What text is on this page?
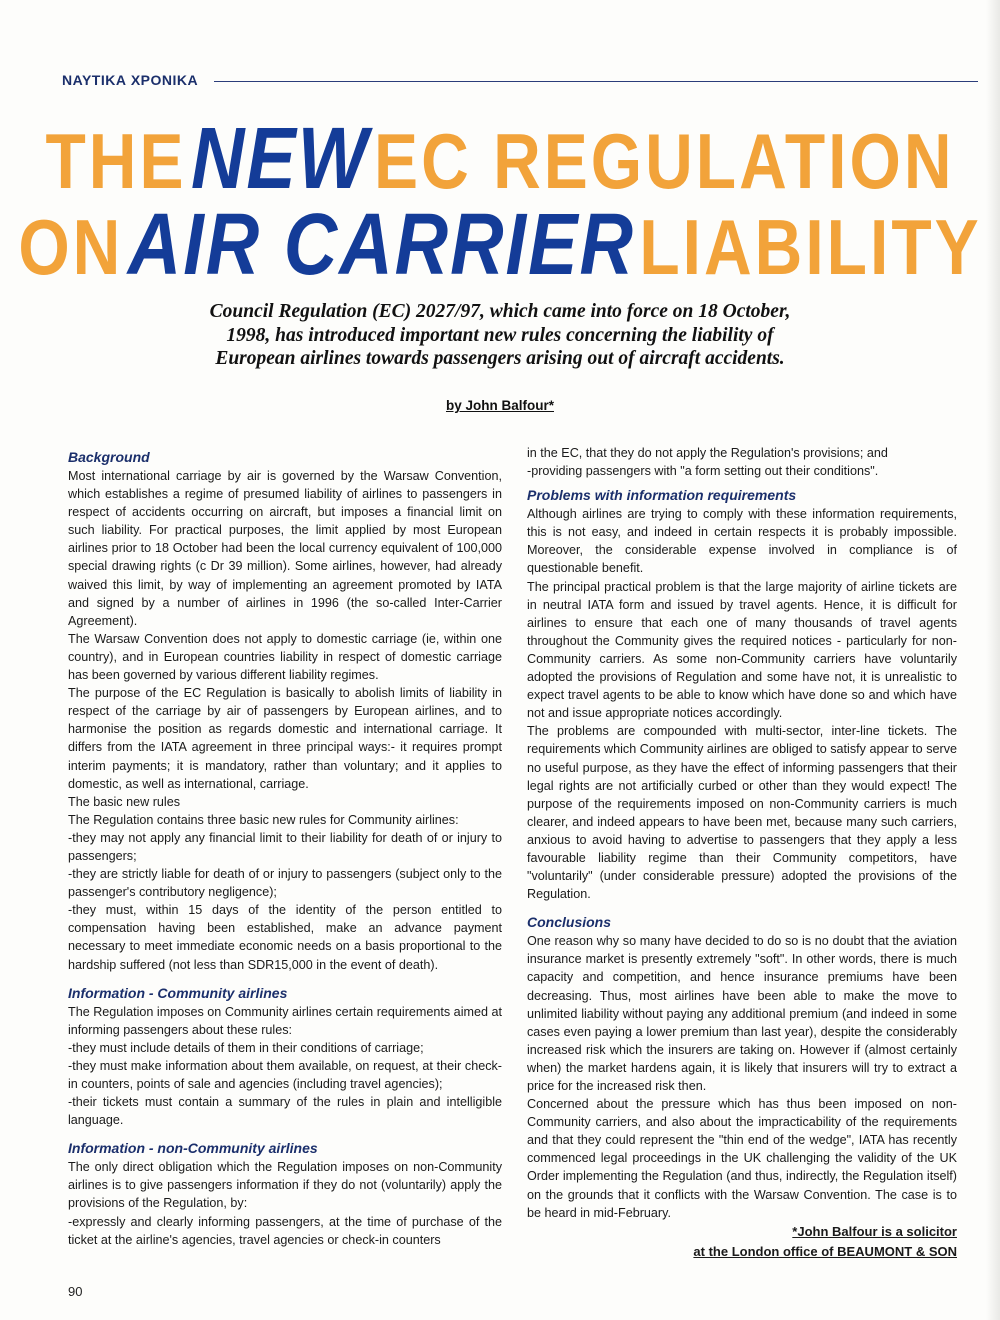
ΝΑΥΤΙΚΑ ΧΡΟΝΙΚΑ
THE NEW EC REGULATION
ON AIR CARRIER LIABILITY
Council Regulation (EC) 2027/97, which came into force on 18 October, 1998, has introduced important new rules concerning the liability of European airlines towards passengers arising out of aircraft accidents.
by John Balfour*
Background

Most international carriage by air is governed by the Warsaw Convention, which establishes a regime of presumed liability of airlines to passengers in respect of accidents occurring on aircraft, but imposes a financial limit on such liability. For practical purposes, the limit applied by most European airlines prior to 18 October had been the local currency equivalent of 100,000 special drawing rights (c Dr 39 million). Some airlines, however, had already waived this limit, by way of implementing an agreement promoted by IATA and signed by a number of airlines in 1996 (the so-called Inter-Carrier Agreement).

The Warsaw Convention does not apply to domestic carriage (ie, within one country), and in European countries liability in respect of domestic carriage has been governed by various different liability regimes.

The purpose of the EC Regulation is basically to abolish limits of liability in respect of the carriage by air of passengers by European airlines, and to harmonise the position as regards domestic and international carriage. It differs from the IATA agreement in three principal ways:- it requires prompt interim payments; it is mandatory, rather than voluntary; and it applies to domestic, as well as international, carriage.

The basic new rules

The Regulation contains three basic new rules for Community airlines:

-they may not apply any financial limit to their liability for death of or injury to passengers;

-they are strictly liable for death of or injury to passengers (subject only to the passenger's contributory negligence);

-they must, within 15 days of the identity of the person entitled to compensation having been established, make an advance payment necessary to meet immediate economic needs on a basis proportional to the hardship suffered (not less than SDR15,000 in the event of death).

Information - Community airlines

The Regulation imposes on Community airlines certain requirements aimed at informing passengers about these rules:

-they must include details of them in their conditions of carriage;

-they must make information about them available, on request, at their check-in counters, points of sale and agencies (including travel agencies);

-their tickets must contain a summary of the rules in plain and intelligible language.

Information - non-Community airlines

The only direct obligation which the Regulation imposes on non-Community airlines is to give passengers information if they do not (voluntarily) apply the provisions of the Regulation, by:

-expressly and clearly informing passengers, at the time of purchase of the ticket at the airline's agencies, travel agencies or check-in counters

in the EC, that they do not apply the Regulation's provisions; and

-providing passengers with "a form setting out their conditions".

Problems with information requirements

Although airlines are trying to comply with these information requirements, this is not easy, and indeed in certain respects it is probably impossible. Moreover, the considerable expense involved in compliance is of questionable benefit.

The principal practical problem is that the large majority of airline tickets are in neutral IATA form and issued by travel agents. Hence, it is difficult for airlines to ensure that each one of many thousands of travel agents throughout the Community gives the required notices - particularly for non-Community carriers. As some non-Community carriers have voluntarily adopted the provisions of Regulation and some have not, it is unrealistic to expect travel agents to be able to know which have done so and which have not and issue appropriate notices accordingly.

The problems are compounded with multi-sector, inter-line tickets. The requirements which Community airlines are obliged to satisfy appear to serve no useful purpose, as they have the effect of informing passengers that their legal rights are not artificially curbed or other than they would expect! The purpose of the requirements imposed on non-Community carriers is much clearer, and indeed appears to have been met, because many such carriers, anxious to avoid having to advertise to passengers that they apply a less favourable liability regime than their Community competitors, have "voluntarily" (under considerable pressure) adopted the provisions of the Regulation.

Conclusions

One reason why so many have decided to do so is no doubt that the aviation insurance market is presently extremely "soft". In other words, there is much capacity and competition, and hence insurance premiums have been decreasing. Thus, most airlines have been able to make the move to unlimited liability without paying any additional premium (and indeed in some cases even paying a lower premium than last year), despite the considerably increased risk which the insurers are taking on. However if (almost certainly when) the market hardens again, it is likely that insurers will try to extract a price for the increased risk then.

Concerned about the pressure which has thus been imposed on non-Community carriers, and also about the impracticability of the requirements and that they could represent the "thin end of the wedge", IATA has recently commenced legal proceedings in the UK challenging the validity of the UK Order implementing the Regulation (and thus, indirectly, the Regulation itself) on the grounds that it conflicts with the Warsaw Convention. The case is to be heard in mid-February.

*John Balfour is a solicitor
at the London office of BEAUMONT & SON
90
